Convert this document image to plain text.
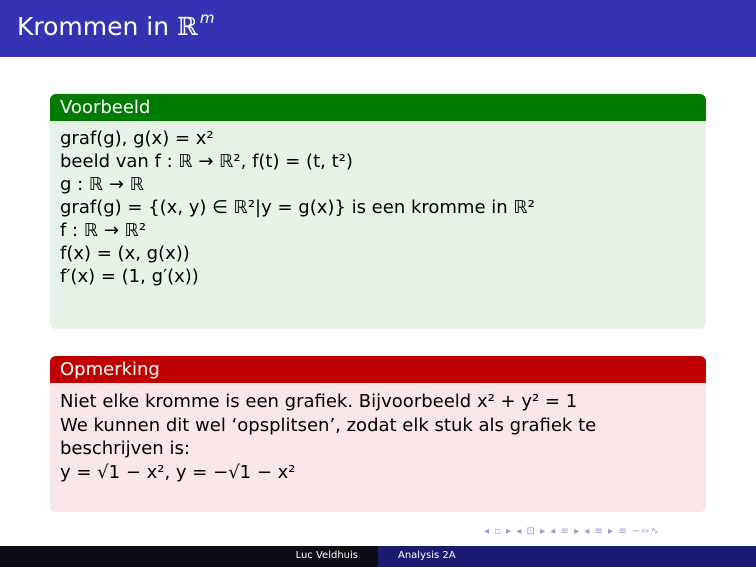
Krommen in ℝ $^m$
Voorbeeld
graf(g), g(x) = x²
beeld van f : ℝ → ℝ², f(t) = (t, t²)
g : ℝ → ℝ
graf(g) = {(x, y) ∈ ℝ²|y = g(x)} is een kromme in ℝ²
f : ℝ → ℝ²
f(x) = (x, g(x))
f′(x) = (1, g′(x))
Opmerking
Niet elke kromme is een grafiek. Bijvoorbeeld x² + y² = 1
We kunnen dit wel ‘opsplitsen’, zodat elk stuk als grafiek te
beschrijven is:
y = √1 − x², y = −√1 − x²
◂ ▫ ▸ ◂ ⊡ ▸ ◂ ≡ ▸ ◂ ≡ ▸ ≡ ∽∾∿
Luc Veldhuis	Analysis 2A
